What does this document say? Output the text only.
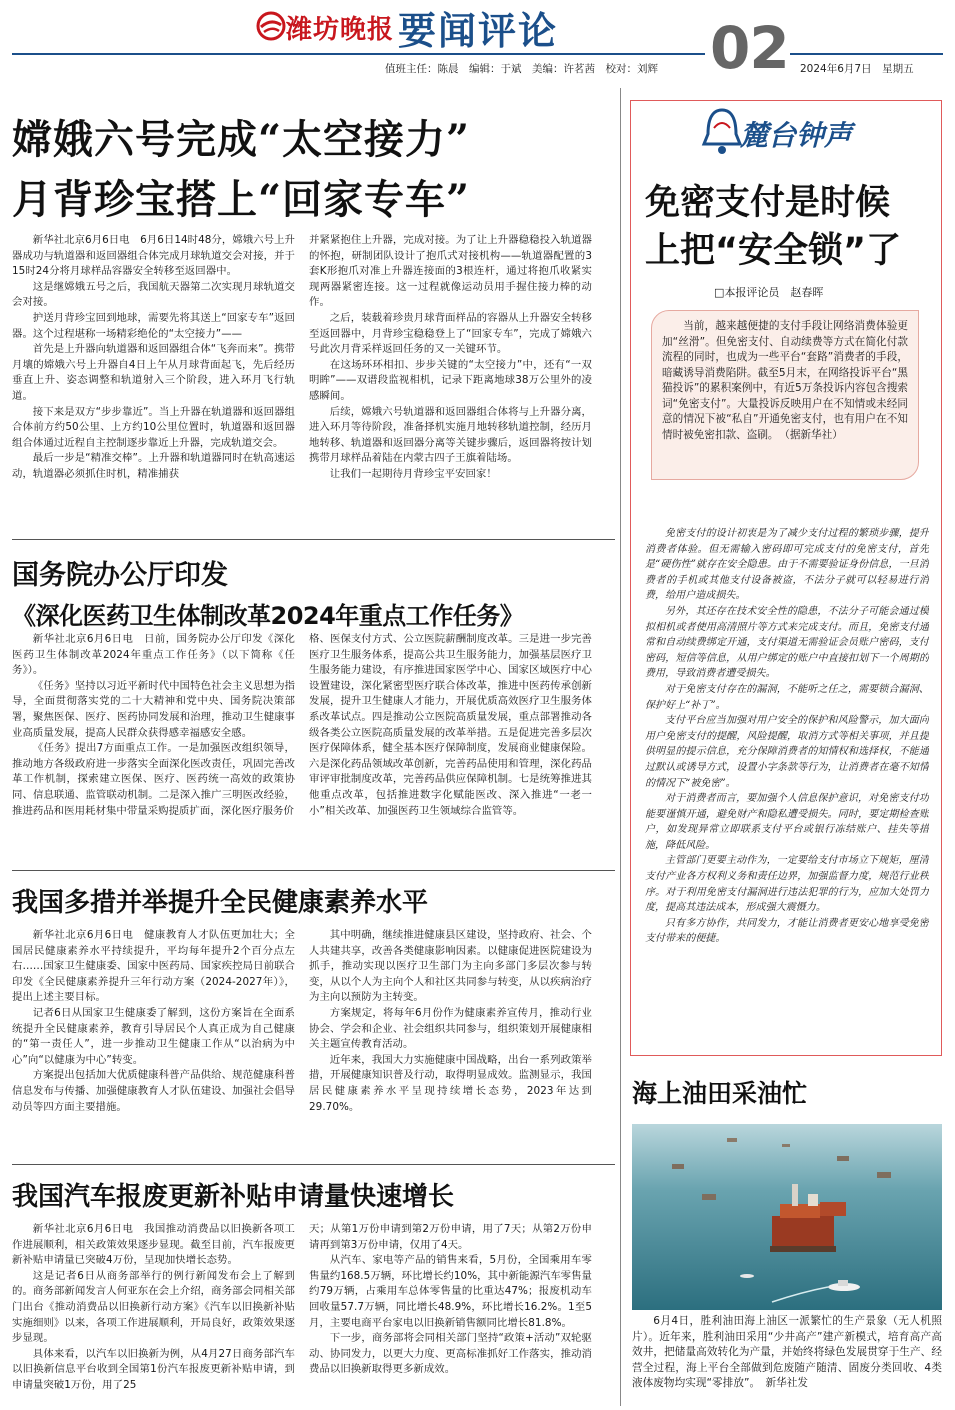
潍坊晚报 要闻评论	02
值班主任：陈晨　编辑：于斌　美编：许茗茜　校对：刘辉	2024年6月7日　星期五
嫦娥六号完成“太空接力”
月背珍宝搭上“回家专车”

新华社北京6月6日电　6月6日14时48分，嫦娥六号上升器成功与轨道器和返回器组合体完成月球轨道交会对接，并于15时24分将月球样品容器安全转移至返回器中。

这是继嫦娥五号之后，我国航天器第二次实现月球轨道交会对接。

护送月背珍宝回到地球，需要先将其送上“回家专车”返回器。这个过程堪称一场精彩绝伦的“太空接力”——

首先是上升器向轨道器和返回器组合体“飞奔而来”。携带月壤的嫦娥六号上升器自4日上午从月球背面起飞，先后经历垂直上升、姿态调整和轨道射入三个阶段，进入环月飞行轨道。

接下来是双方“步步靠近”。当上升器在轨道器和返回器组合体前方约50公里、上方约10公里位置时，轨道器和返回器组合体通过近程自主控制逐步靠近上升器，完成轨道交会。

最后一步是“精准交棒”。上升器和轨道器同时在轨高速运动，轨道器必须抓住时机，精准捕获

并紧紧抱住上升器，完成对接。为了让上升器稳稳投入轨道器的怀抱，研制团队设计了抱爪式对接机构——轨道器配置的3套K形抱爪对准上升器连接面的3根连杆，通过将抱爪收紧实现两器紧密连接。这一过程就像运动员用手握住接力棒的动作。

之后，装载着珍贵月球背面样品的容器从上升器安全转移至返回器中，月背珍宝稳稳登上了“回家专车”，完成了嫦娥六号此次月背采样返回任务的又一关键环节。

在这场环环相扣、步步关键的“太空接力”中，还有“一双明眸”——双谱段监视相机，记录下距离地球38万公里外的凌感瞬间。

后续，嫦娥六号轨道器和返回器组合体将与上升器分离，进入环月等待阶段，准备择机实施月地转移轨道控制，经历月地转移、轨道器和返回器分离等关键步骤后，返回器将按计划携带月球样品着陆在内蒙古四子王旗着陆场。

让我们一起期待月背珍宝平安回家！

国务院办公厅印发
《深化医药卫生体制改革2024年重点工作任务》

新华社北京6月6日电　日前，国务院办公厅印发《深化医药卫生体制改革2024年重点工作任务》（以下简称《任务》）。

《任务》坚持以习近平新时代中国特色社会主义思想为指导，全面贯彻落实党的二十大精神和党中央、国务院决策部署，聚焦医保、医疗、医药协同发展和治理，推动卫生健康事业高质量发展，提高人民群众获得感幸福感安全感。

《任务》提出7方面重点工作。一是加强医改组织领导，推动地方各级政府进一步落实全面深化医改责任，巩固完善改革工作机制，探索建立医保、医疗、医药统一高效的政策协同、信息联通、监管联动机制。二是深入推广三明医改经验，推进药品和医用耗材集中带量采购提质扩面，深化医疗服务价

格、医保支付方式、公立医院薪酬制度改革。三是进一步完善医疗卫生服务体系，提高公共卫生服务能力，加强基层医疗卫生服务能力建设，有序推进国家医学中心、国家区域医疗中心设置建设，深化紧密型医疗联合体改革，推进中医药传承创新发展，提升卫生健康人才能力，开展优质高效医疗卫生服务体系改革试点。四是推动公立医院高质量发展，重点部署推动各级各类公立医院高质量发展的改革举措。五是促进完善多层次医疗保障体系，健全基本医疗保障制度，发展商业健康保险。六是深化药品领域改革创新，完善药品使用和管理，深化药品审评审批制度改革，完善药品供应保障机制。七是统筹推进其他重点改革，包括推进数字化赋能医改、深入推进“一老一小”相关改革、加强医药卫生领域综合监管等。

我国多措并举提升全民健康素养水平

新华社北京6月6日电　健康教育人才队伍更加壮大；全国居民健康素养水平持续提升，平均每年提升2个百分点左右……国家卫生健康委、国家中医药局、国家疾控局日前联合印发《全民健康素养提升三年行动方案（2024-2027年）》，提出上述主要目标。

记者6日从国家卫生健康委了解到，这份方案旨在全面系统提升全民健康素养，教育引导居民个人真正成为自己健康的“第一责任人”，进一步推动卫生健康工作从“以治病为中心”向“以健康为中心”转变。

方案提出包括加大优质健康科普产品供给、规范健康科普信息发布与传播、加强健康教育人才队伍建设、加强社会倡导动员等四方面主要措施。

其中明确，继续推进健康县区建设，坚持政府、社会、个人共建共享，改善各类健康影响因素。以健康促进医院建设为抓手，推动实现以医疗卫生部门为主向多部门多层次参与转变，从以个人为主向个人和社区共同参与转变，从以疾病治疗为主向以预防为主转变。

方案规定，将每年6月份作为健康素养宣传月，推动行业协会、学会和企业、社会组织共同参与，组织策划开展健康相关主题宣传教育活动。

近年来，我国大力实施健康中国战略，出台一系列政策举措，开展健康知识普及行动，取得明显成效。监测显示，我国居民健康素养水平呈现持续增长态势，2023年达到29.70%。

我国汽车报废更新补贴申请量快速增长

新华社北京6月6日电　我国推动消费品以旧换新各项工作进展顺利，相关政策效果逐步显现。截至目前，汽车报废更新补贴申请量已突破4万份，呈现加快增长态势。

这是记者6日从商务部举行的例行新闻发布会上了解到的。商务部新闻发言人何亚东在会上介绍，商务部会同相关部门出台《推动消费品以旧换新行动方案》《汽车以旧换新补贴实施细则》以来，各项工作进展顺利，开局良好，政策效果逐步显现。

具体来看，以汽车以旧换新为例，从4月27日商务部汽车以旧换新信息平台收到全国第1份汽车报废更新补贴申请，到申请量突破1万份，用了25

天；从第1万份申请到第2万份申请，用了7天；从第2万份申请再到第3万份申请，仅用了4天。

从汽车、家电等产品的销售来看，5月份，全国乘用车零售量约168.5万辆，环比增长约10%，其中新能源汽车零售量约79万辆，占乘用车总体零售量的比重达47%；报废机动车回收量57.7万辆，同比增长48.9%，环比增长16.2%。1至5月，主要电商平台家电以旧换新销售额同比增长81.8%。

下一步，商务部将会同相关部门坚持“政策+活动”双轮驱动、协同发力，以更大力度、更高标准抓好工作落实，推动消费品以旧换新取得更多新成效。

麓台钟声
免密支付是时候
上把“安全锁”了
□本报评论员　赵春晖

当前，越来越便捷的支付手段让网络消费体验更加“丝滑”。但免密支付、自动续费等方式在简化付款流程的同时，也成为一些平台“套路”消费者的手段，暗藏诱导消费陷阱。截至5月末，在网络投诉平台“黑猫投诉”的累积案例中，有近5万条投诉内容包含搜索词“免密支付”。大量投诉反映用户在不知情或未经同意的情况下被“私自”开通免密支付，也有用户在不知情时被免密扣款、盗刷。 （据新华社）

免密支付的设计初衷是为了减少支付过程的繁琐步骤，提升消费者体验。但无需输入密码即可完成支付的免密支付，首先是“硬伤性”就存在安全隐患。由于不需要验证身份信息，一旦消费者的手机或其他支付设备被盗，不法分子就可以轻易进行消费，给用户造成损失。

另外，其还存在技术安全性的隐患，不法分子可能会通过模拟相机或者使用高清照片等方式来完成支付。而且，免密支付通常和自动续费绑定开通，支付渠道无需验证会员账户密码，支付密码，短信等信息，从用户绑定的账户中直接扣划下一个周期的费用，导致消费者遭受损失。

对于免密支付存在的漏洞，不能听之任之，需要锁合漏洞、保护好上“补丁”。

支付平台应当加强对用户安全的保护和风险警示，加大面向用户免密支付的提醒，风险提醒，取消方式等相关事项，并且提供明显的提示信息，充分保障消费者的知情权和选择权，不能通过默认或诱导方式，设置小字条款等行为，让消费者在毫不知情的情况下“被免密”。

对于消费者而言，要加强个人信息保护意识，对免密支付功能要谨慎开通，避免财产和隐私遭受损失。同时，要定期检查账户，如发现异常立即联系支付平台或银行冻结账户、挂失等措施，降低风险。

主管部门更要主动作为，一定要给支付市场立下规矩，厘清支付产业各方权利义务和责任边界，加强监督力度，规范行业秩序。对于利用免密支付漏洞进行违法犯罪的行为，应加大处罚力度，提高其违法成本，形成强大震慑力。

只有多方协作，共同发力，才能让消费者更安心地享受免密支付带来的便捷。

海上油田采油忙

6月4日，胜利油田海上油区一派繁忙的生产景象（无人机照片）。近年来，胜利油田采用“少井高产”建产新模式，培育高产高效井，把储量高效转化为产量，并始终将绿色发展贯穿于生产、经营全过程，海上平台全部做到危废随产随清、固废分类回收、4类液体废物均实现“零排放”。　新华社发
